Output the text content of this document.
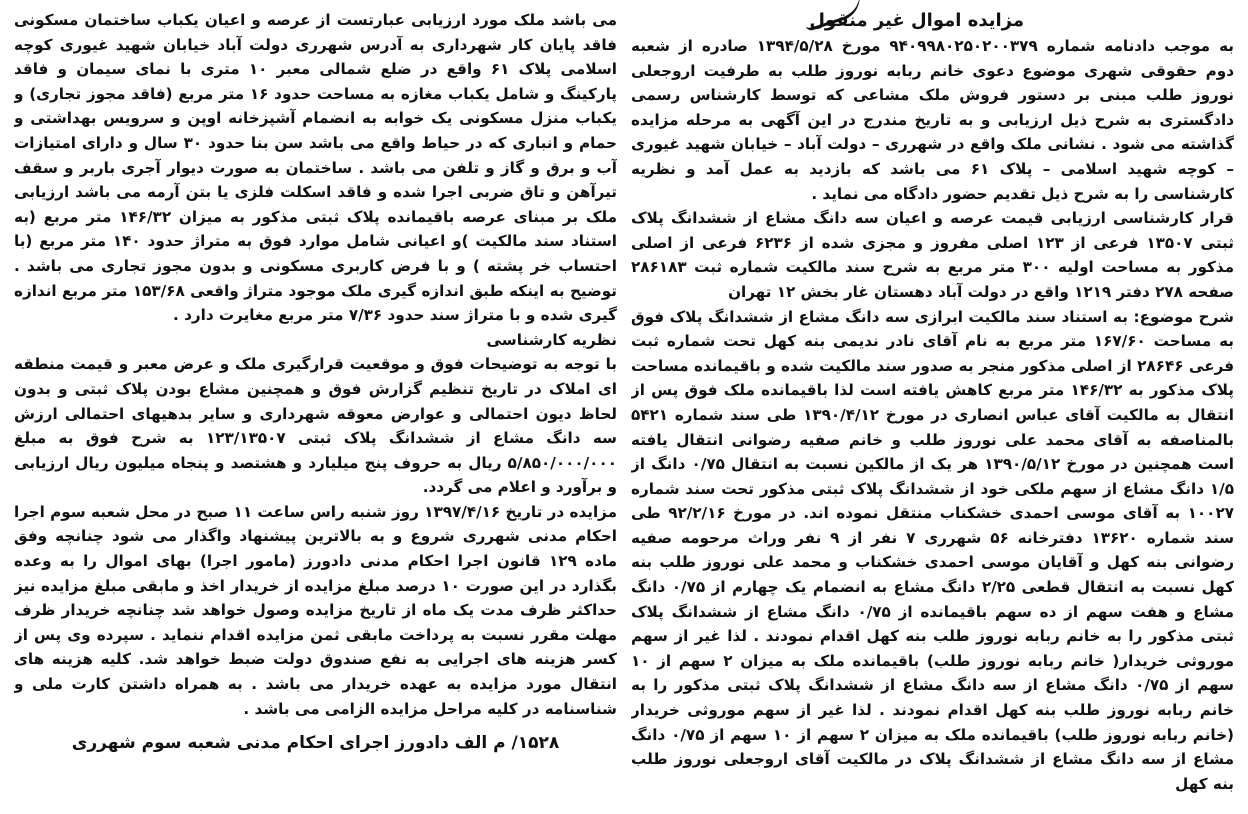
مزایده اموال غیر منقول
به موجب دادنامه شماره ۹۴۰۹۹۸۰۲۵۰۲۰۰۳۷۹ مورخ ۱۳۹۴/۵/۲۸ صادره از شعبه دوم حقوقی شهری موضوع دعوی خانم ربابه نوروز طلب به طرفیت اروجعلی نوروز طلب مبنی بر دستور فروش ملک مشاعی که توسط کارشناس رسمی دادگستری به شرح ذیل ارزیابی و به تاریخ مندرج در این آگهی به مرحله مزایده گذاشته می شود . نشانی ملک واقع در شهرری – دولت آباد – خیابان شهید غیوری – کوچه شهید اسلامی – پلاک ۶۱ می باشد که بازدید به عمل آمد و نظریه کارشناسی را به شرح ذیل تقدیم حضور دادگاه می نماید .
قرار کارشناسی ارزیابی قیمت عرصه و اعیان سه دانگ مشاع از ششدانگ پلاک ثبتی ۱۳۵۰۷ فرعی از ۱۲۳ اصلی مفروز و مجزی شده از ۶۲۳۶ فرعی از اصلی مذکور به مساحت اولیه ۳۰۰ متر مربع به شرح سند مالکیت شماره ثبت ۲۸۶۱۸۳ صفحه ۲۷۸ دفتر ۱۲۱۹ واقع در دولت آباد دهستان غار بخش ۱۲ تهران
شرح موضوع: به استناد سند مالکیت ابرازی سه دانگ مشاع از ششدانگ پلاک فوق به مساحت ۱۶۷/۶۰ متر مربع به نام آقای نادر ندیمی بنه کهل تحت شماره ثبت فرعی ۲۸۶۴۶ از اصلی مذکور منجر به صدور سند مالکیت شده و باقیمانده مساحت پلاک مذکور به ۱۴۶/۳۲ متر مربع کاهش یافته است لذا باقیمانده ملک فوق پس از انتقال به مالکیت آقای عباس انصاری در مورخ ۱۳۹۰/۴/۱۲ طی سند شماره ۵۴۲۱ بالمناصفه به آقای محمد علی نوروز طلب و خانم صفیه رضوانی انتقال یافته است همچنین در مورخ ۱۳۹۰/۵/۱۲ هر یک از مالکین نسبت به انتقال ۰/۷۵ دانگ از ۱/۵ دانگ مشاع از سهم ملکی خود از ششدانگ پلاک ثبتی مذکور تحت سند شماره ۱۰۰۲۷ به آقای موسی احمدی خشکناب منتقل نموده اند. در مورخ ۹۲/۲/۱۶ طی سند شماره ۱۳۶۲۰ دفترخانه ۵۶ شهرری ۷ نفر از ۹ نفر وراث مرحومه صفیه رضوانی بنه کهل و آقایان موسی احمدی خشکناب و محمد علی نوروز طلب بنه کهل نسبت به انتقال قطعی ۲/۲۵ دانگ مشاع به انضمام یک چهارم از ۰/۷۵ دانگ مشاع و هفت سهم از ده سهم باقیمانده از ۰/۷۵ دانگ مشاع از ششدانگ پلاک ثبتی مذکور را به خانم ربابه نوروز طلب بنه کهل اقدام نمودند . لذا غیر از سهم موروثی خریدار( خانم ربابه نوروز طلب) باقیمانده ملک به میزان ۲ سهم از ۱۰ سهم از ۰/۷۵ دانگ مشاع از سه دانگ مشاع از ششدانگ پلاک ثبتی مذکور را به خانم ربابه نوروز طلب بنه کهل اقدام نمودند . لذا غیر از سهم موروثی خریدار (خانم ربابه نوروز طلب) باقیمانده ملک به میزان ۲ سهم از ۱۰ سهم از ۰/۷۵ دانگ مشاع از سه دانگ مشاع از ششدانگ پلاک در مالکیت آقای اروجعلی نوروز طلب بنه کهل
می باشد ملک مورد ارزیابی عبارتست از عرصه و اعیان یکباب ساختمان مسکونی فاقد پایان کار شهرداری به آدرس شهرری دولت آباد خیابان شهید غیوری کوچه اسلامی پلاک ۶۱ واقع در ضلع شمالی معبر ۱۰ متری با نمای سیمان و فاقد پارکینگ و شامل یکباب مغازه به مساحت حدود ۱۶ متر مربع (فاقد مجوز تجاری) و یکباب منزل مسکونی یک خوابه به انضمام آشپزخانه اوپن و سرویس بهداشتی و حمام و انباری که در حیاط واقع می باشد سن بنا حدود ۳۰ سال و دارای امتیازات آب و برق و گاز و تلفن می باشد . ساختمان به صورت دیوار آجری باربر و سقف تیرآهن و تاق ضربی اجرا شده و فاقد اسکلت فلزی یا بتن آرمه می باشد ارزیابی ملک بر مبنای عرصه باقیمانده پلاک ثبتی مذکور به میزان ۱۴۶/۳۲ متر مربع (به استناد سند مالکیت )و اعیانی شامل موارد فوق به متراژ حدود ۱۴۰ متر مربع (با احتساب خر پشته ) و با فرض کاربری مسکونی و بدون مجوز تجاری می باشد . توضیح به اینکه طبق اندازه گیری ملک موجود متراژ واقعی ۱۵۳/۶۸ متر مربع اندازه گیری شده و با متراژ سند حدود ۷/۳۶ متر مربع مغایرت دارد .
نظریه کارشناسی
با توجه به توضیحات فوق و موقعیت قرارگیری ملک و عرض معبر و قیمت منطقه ای املاک در تاریخ تنظیم گزارش فوق و همچنین مشاع بودن پلاک ثبتی و بدون لحاظ دیون احتمالی و عوارض معوقه شهرداری و سایر بدهیهای احتمالی ارزش سه دانگ مشاع از ششدانگ پلاک ثبتی ۱۲۳/۱۳۵۰۷ به شرح فوق به مبلغ ۵/۸۵۰/۰۰۰/۰۰۰ ریال به حروف پنج میلیارد و هشتصد و پنجاه میلیون ریال ارزیابی و برآورد و اعلام می گردد.
مزایده در تاریخ ۱۳۹۷/۴/۱۶ روز شنبه راس ساعت ۱۱ صبح در محل شعبه سوم اجرا احکام مدنی شهرری شروع و به بالاترین پیشنهاد واگذار می شود چنانچه وفق ماده ۱۲۹ قانون اجرا احکام مدنی دادورز (مامور اجرا) بهای اموال را به وعده بگذارد در این صورت ۱۰ درصد مبلغ مزایده از خریدار اخذ و مابقی مبلغ مزایده نیز حداکثر ظرف مدت یک ماه از تاریخ مزایده وصول خواهد شد چنانچه خریدار ظرف مهلت مقرر نسبت به پرداخت مابقی ثمن مزایده اقدام ننماید . سپرده وی پس از کسر هزینه های اجرایی به نفع صندوق دولت ضبط خواهد شد. کلیه هزینه های انتقال مورد مزایده به عهده خریدار می باشد . به همراه داشتن کارت ملی و شناسنامه در کلیه مراحل مزایده الزامی می باشد .
۱۵۲۸/ م الف دادورز اجرای احکام مدنی شعبه سوم شهرری
